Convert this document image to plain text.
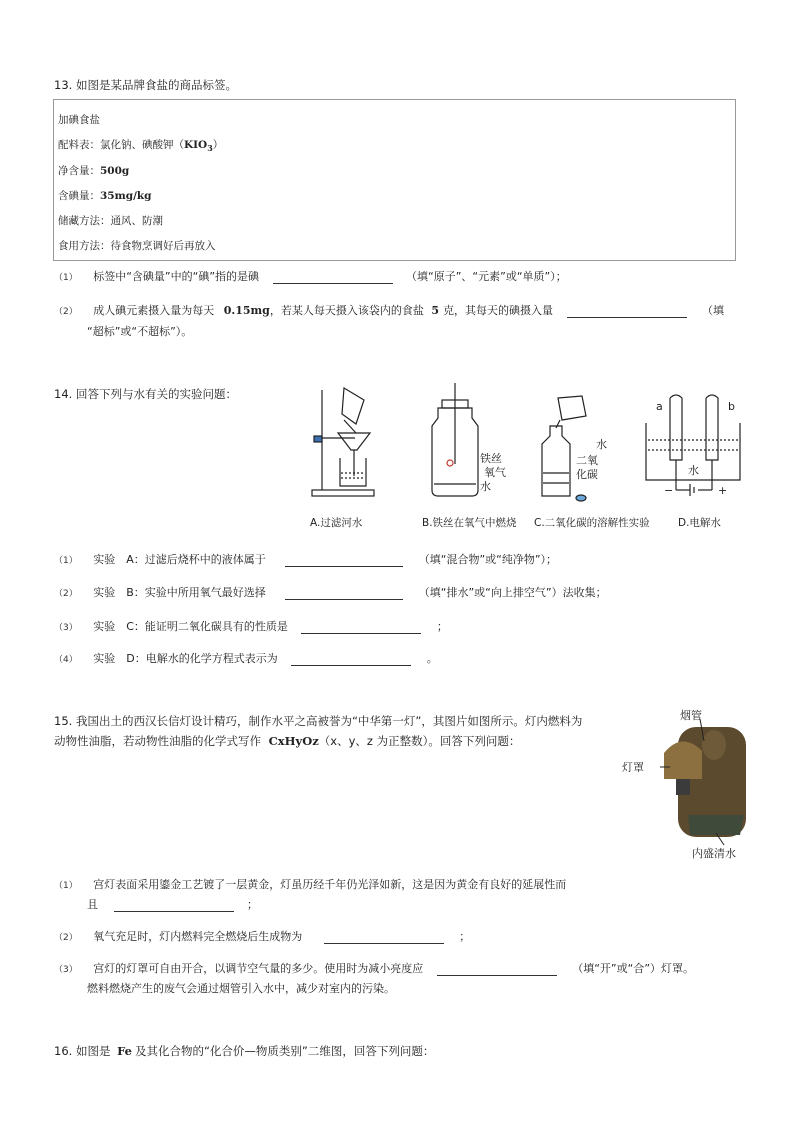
13. 如图是某品牌食盐的商品标签。
加碘食盐
配料表：氯化钠、碘酸钾$(KIO_3)$
净含量：500g
含碘量：35mg/kg
储藏方法：通风、防潮
食用方法：待食物烹调好后再放入
（1） 标签中“含碘量”中的“碘”指的是碘	（填“原子”、“元素”或“单质”）；
（2） 成人碘元素摄入量为每天 0.15mg，若某人每天摄入该袋内的食盐 5 克，其每天的碘摄入量	（填
“超标”或“不超标”）。
14. 回答下列与水有关的实验问题：
铁丝
氧气
水
水
二氧
化碳
a	b
水
−	+
A.过滤河水	B.铁丝在氧气中燃烧 C.二氧化碳的溶解性实验	D.电解水
（1） 实验　A：过滤后烧杯中的液体属于	（填“混合物”或“纯净物”）；
（2） 实验　B：实验中所用氧气最好选择	（填“排水”或“向上排空气”）法收集；
（3） 实验　C：能证明二氧化碳具有的性质是	；
（4） 实验　D：电解水的化学方程式表示为	。
15. 我国出土的西汉长信灯设计精巧，制作水平之高被誉为“中华第一灯”，其图片如图所示。灯内燃料为
动物性油脂，若动物性油脂的化学式写作 CxHyOz（x、y、z 为正整数）。回答下列问题：
烟管
灯罩
内盛清水
（1） 宫灯表面采用鎏金工艺镀了一层黄金，灯虽历经千年仍光泽如新，这是因为黄金有良好的延展性而
且	；
（2） 氧气充足时，灯内燃料完全燃烧后生成物为	；
（3） 宫灯的灯罩可自由开合，以调节空气量的多少。使用时为减小亮度应	（填“开”或“合”）灯罩。
燃料燃烧产生的废气会通过烟管引入水中，减少对室内的污染。
16. 如图是 Fe 及其化合物的“化合价—物质类别”二维图，回答下列问题：
